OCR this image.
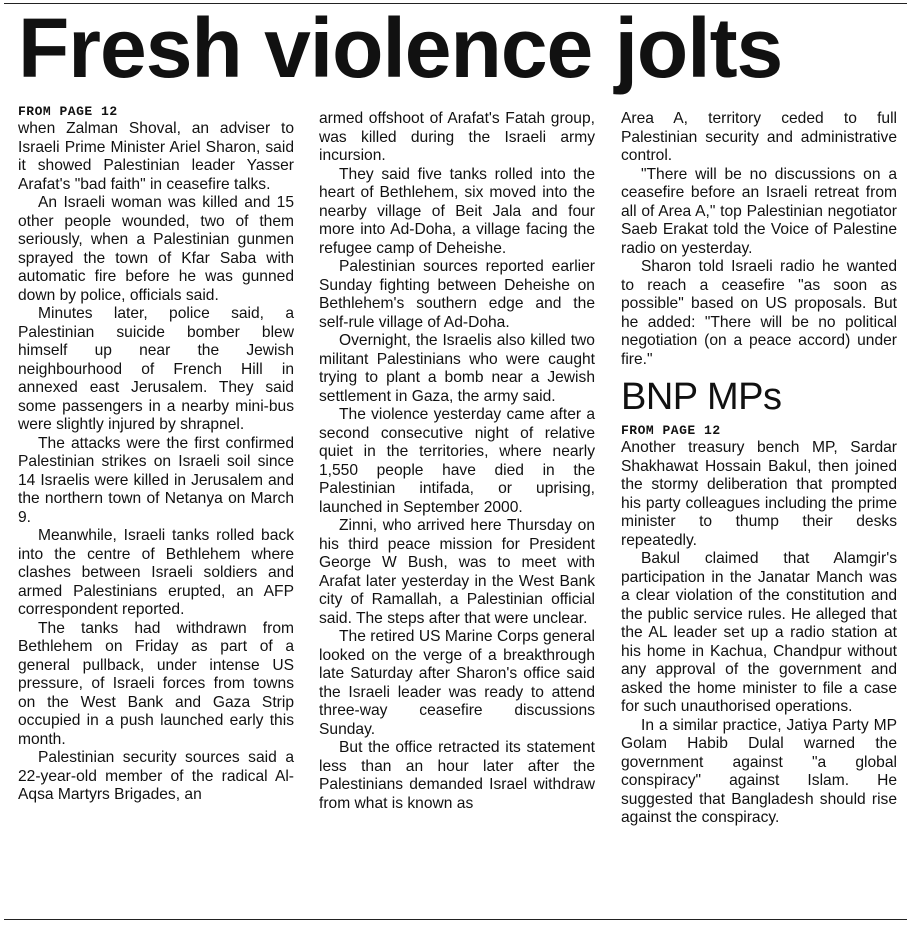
Fresh violence jolts
FROM PAGE 12

when Zalman Shoval, an adviser to Israeli Prime Minister Ariel Sharon, said it showed Palestinian leader Yasser Arafat's "bad faith" in ceasefire talks.

An Israeli woman was killed and 15 other people wounded, two of them seriously, when a Palestinian gunmen sprayed the town of Kfar Saba with automatic fire before he was gunned down by police, officials said.

Minutes later, police said, a Palestinian suicide bomber blew himself up near the Jewish neighbourhood of French Hill in annexed east Jerusalem. They said some passengers in a nearby mini-bus were slightly injured by shrapnel.

The attacks were the first confirmed Palestinian strikes on Israeli soil since 14 Israelis were killed in Jerusalem and the northern town of Netanya on March 9.

Meanwhile, Israeli tanks rolled back into the centre of Bethlehem where clashes between Israeli soldiers and armed Palestinians erupted, an AFP correspondent reported.

The tanks had withdrawn from Bethlehem on Friday as part of a general pullback, under intense US pressure, of Israeli forces from towns on the West Bank and Gaza Strip occupied in a push launched early this month.

Palestinian security sources said a 22-year-old member of the radical Al-Aqsa Martyrs Brigades, an

armed offshoot of Arafat's Fatah group, was killed during the Israeli army incursion.

They said five tanks rolled into the heart of Bethlehem, six moved into the nearby village of Beit Jala and four more into Ad-Doha, a village facing the refugee camp of Deheishe.

Palestinian sources reported earlier Sunday fighting between Deheishe on Bethlehem's southern edge and the self-rule village of Ad-Doha.

Overnight, the Israelis also killed two militant Palestinians who were caught trying to plant a bomb near a Jewish settlement in Gaza, the army said.

The violence yesterday came after a second consecutive night of relative quiet in the territories, where nearly 1,550 people have died in the Palestinian intifada, or uprising, launched in September 2000.

Zinni, who arrived here Thursday on his third peace mission for President George W Bush, was to meet with Arafat later yesterday in the West Bank city of Ramallah, a Palestinian official said. The steps after that were unclear.

The retired US Marine Corps general looked on the verge of a breakthrough late Saturday after Sharon's office said the Israeli leader was ready to attend three-way ceasefire discussions Sunday.

But the office retracted its statement less than an hour later after the Palestinians demanded Israel withdraw from what is known as

Area A, territory ceded to full Palestinian security and administrative control.

"There will be no discussions on a ceasefire before an Israeli retreat from all of Area A," top Palestinian negotiator Saeb Erakat told the Voice of Palestine radio on yesterday.

Sharon told Israeli radio he wanted to reach a ceasefire "as soon as possible" based on US proposals. But he added: "There will be no political negotiation (on a peace accord) under fire."

BNP MPs
FROM PAGE 12

Another treasury bench MP, Sardar Shakhawat Hossain Bakul, then joined the stormy deliberation that prompted his party colleagues including the prime minister to thump their desks repeatedly.

Bakul claimed that Alamgir's participation in the Janatar Manch was a clear violation of the constitution and the public service rules. He alleged that the AL leader set up a radio station at his home in Kachua, Chandpur without any approval of the government and asked the home minister to file a case for such unauthorised operations.

In a similar practice, Jatiya Party MP Golam Habib Dulal warned the government against "a global conspiracy" against Islam. He suggested that Bangladesh should rise against the conspiracy.
